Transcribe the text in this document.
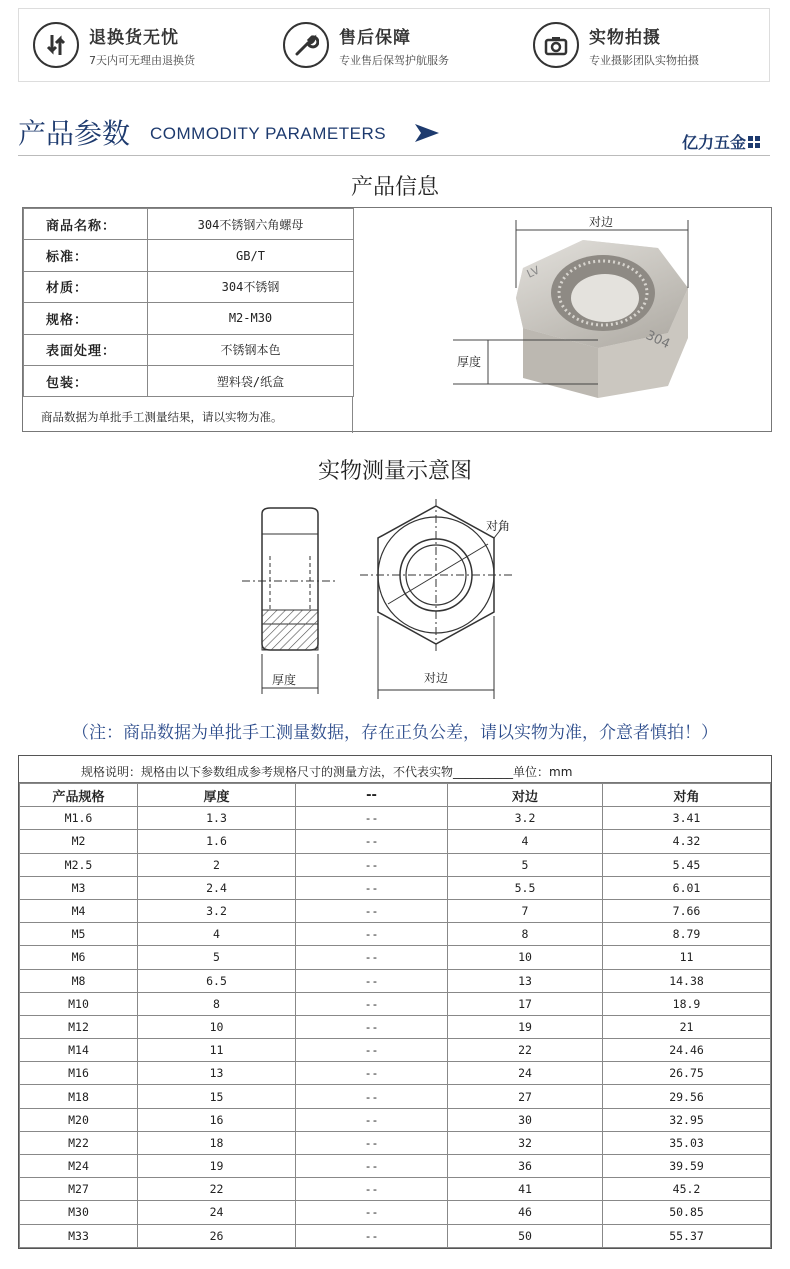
退换货无忧
7天内可无理由退换货
售后保障
专业售后保驾护航服务
实物拍摄
专业摄影团队实物拍摄
产品参数 COMMODITY PARAMETERS	亿力五金
产品信息
商品名称：	304不锈钢六角螺母
标准：	GB/T
材质：	304不锈钢
规格：	M2-M30
表面处理：	不锈钢本色
包装：	塑料袋/纸盒
商品数据为单批手工测量结果，请以实物为准。
304
LV
对边
厚度
实物测量示意图
厚度
对角
对边
（注：商品数据为单批手工测量数据，存在正负公差，请以实物为准，介意者慎拍！）
规格说明：规格由以下参数组成参考规格尺寸的测量方法，不代表实物__________单位：mm
产品规格	厚度	--	对边	对角
M1.6	1.3	--	3.2	3.41
M2	1.6	--	4	4.32
M2.5	2	--	5	5.45
M3	2.4	--	5.5	6.01
M4	3.2	--	7	7.66
M5	4	--	8	8.79
M6	5	--	10	11
M8	6.5	--	13	14.38
M10	8	--	17	18.9
M12	10	--	19	21
M14	11	--	22	24.46
M16	13	--	24	26.75
M18	15	--	27	29.56
M20	16	--	30	32.95
M22	18	--	32	35.03
M24	19	--	36	39.59
M27	22	--	41	45.2
M30	24	--	46	50.85
M33	26	--	50	55.37
